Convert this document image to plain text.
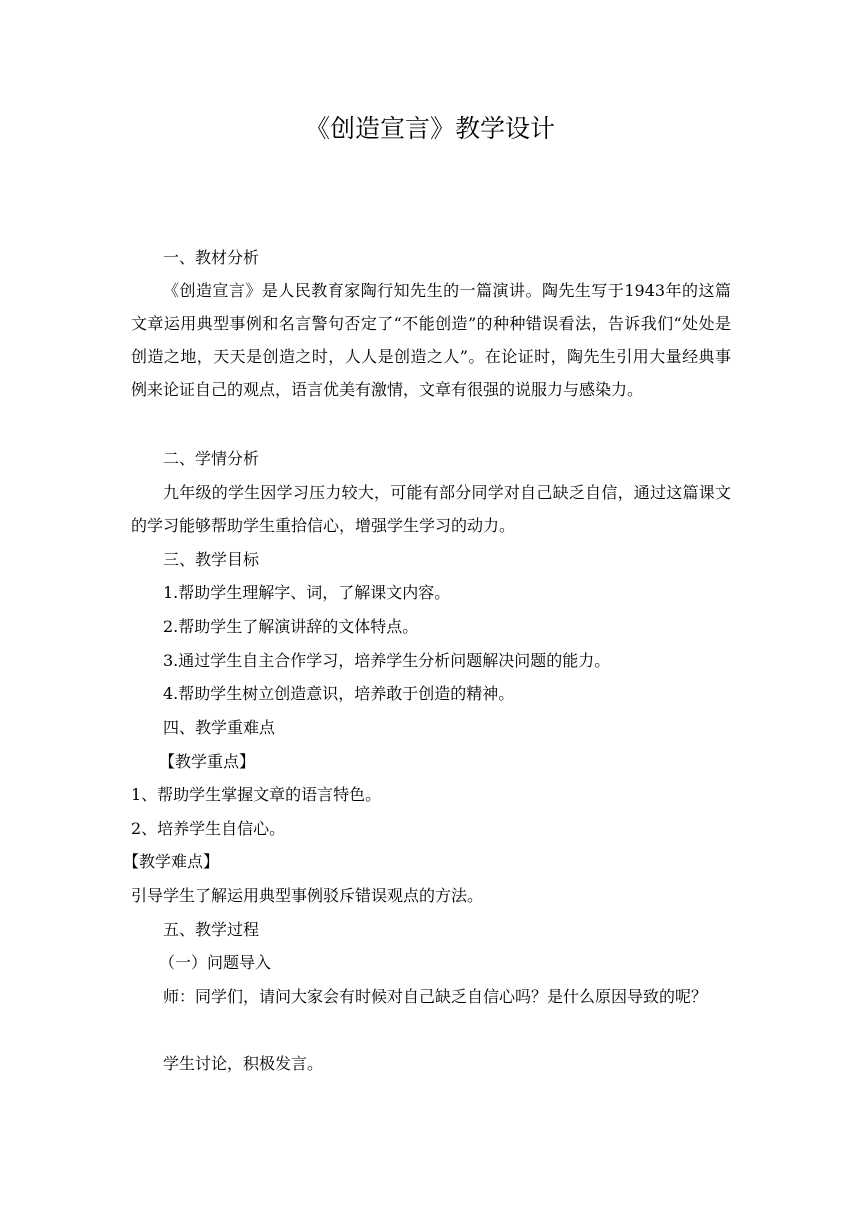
《创造宣言》教学设计

一、教材分析

《创造宣言》是人民教育家陶行知先生的一篇演讲。陶先生写于1943年的这篇文章运用典型事例和名言警句否定了“不能创造”的种种错误看法，告诉我们“处处是创造之地，天天是创造之时，人人是创造之人”。在论证时，陶先生引用大量经典事例来论证自己的观点，语言优美有激情，文章有很强的说服力与感染力。

二、学情分析

九年级的学生因学习压力较大，可能有部分同学对自己缺乏自信，通过这篇课文的学习能够帮助学生重拾信心，增强学生学习的动力。

三、教学目标

1.帮助学生理解字、词，了解课文内容。

2.帮助学生了解演讲辞的文体特点。

3.通过学生自主合作学习，培养学生分析问题解决问题的能力。

4.帮助学生树立创造意识，培养敢于创造的精神。

四、教学重难点

【教学重点】

1、帮助学生掌握文章的语言特色。

2、培养学生自信心。

【教学难点】

引导学生了解运用典型事例驳斥错误观点的方法。

五、教学过程

（一）问题导入

师：同学们，请问大家会有时候对自己缺乏自信心吗？是什么原因导致的呢？

学生讨论，积极发言。
